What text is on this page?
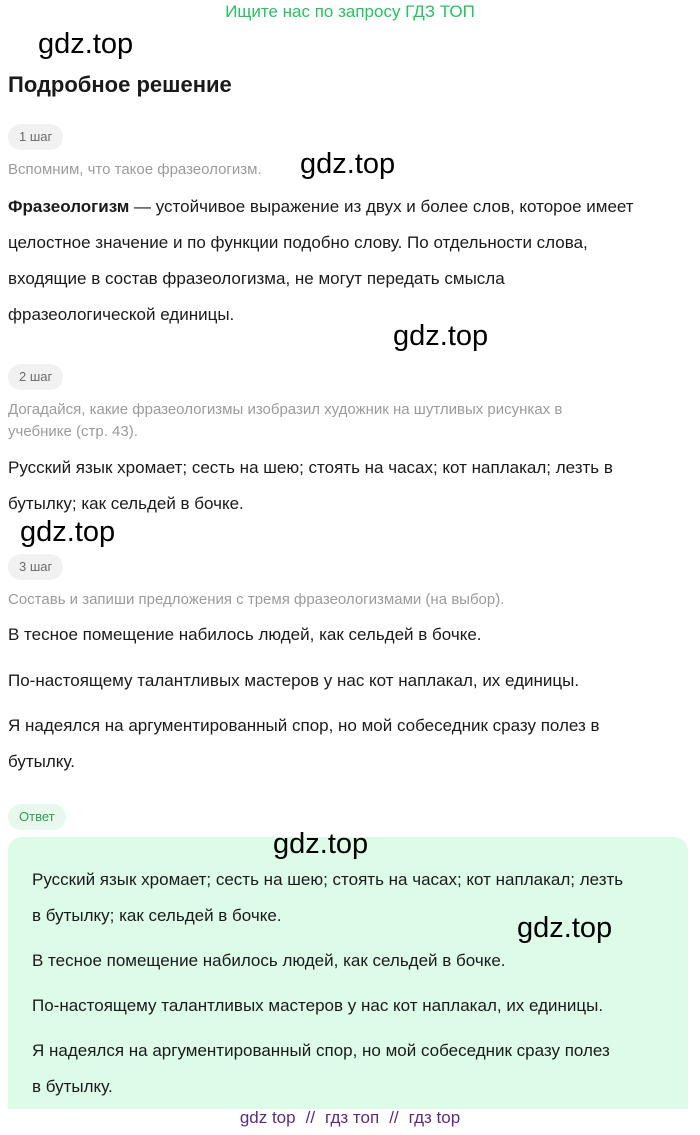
Ищите нас по запросу ГДЗ ТОП
gdz.top
Подробное решение
1 шаг
Вспомним, что такое фразеологизм. gdz.top
Фразеологизм — устойчивое выражение из двух и более слов, которое имеет
целостное значение и по функции подобно слову. По отдельности слова,
входящие в состав фразеологизма, не могут передать смысла
фразеологической единицы.
gdz.top
2 шаг
Догадайся, какие фразеологизмы изобразил художник на шутливых рисунках в
учебнике (стр. 43).
Русский язык хромает; сесть на шею; стоять на часах; кот наплакал; лезть в
бутылку; как сельдей в бочке.
gdz.top
3 шаг
Составь и запиши предложения с тремя фразеологизмами (на выбор).
В тесное помещение набилось людей, как сельдей в бочке.
По-настоящему талантливых мастеров у нас кот наплакал, их единицы.
Я надеялся на аргументированный спор, но мой собеседник сразу полез в
бутылку.
Ответ
gdz.top
Русский язык хромает; сесть на шею; стоять на часах; кот наплакал; лезть
в бутылку; как сельдей в бочке.	gdz.top
В тесное помещение набилось людей, как сельдей в бочке.
По-настоящему талантливых мастеров у нас кот наплакал, их единицы.
Я надеялся на аргументированный спор, но мой собеседник сразу полез
в бутылку.
gdz top // гдз топ // гдз top
